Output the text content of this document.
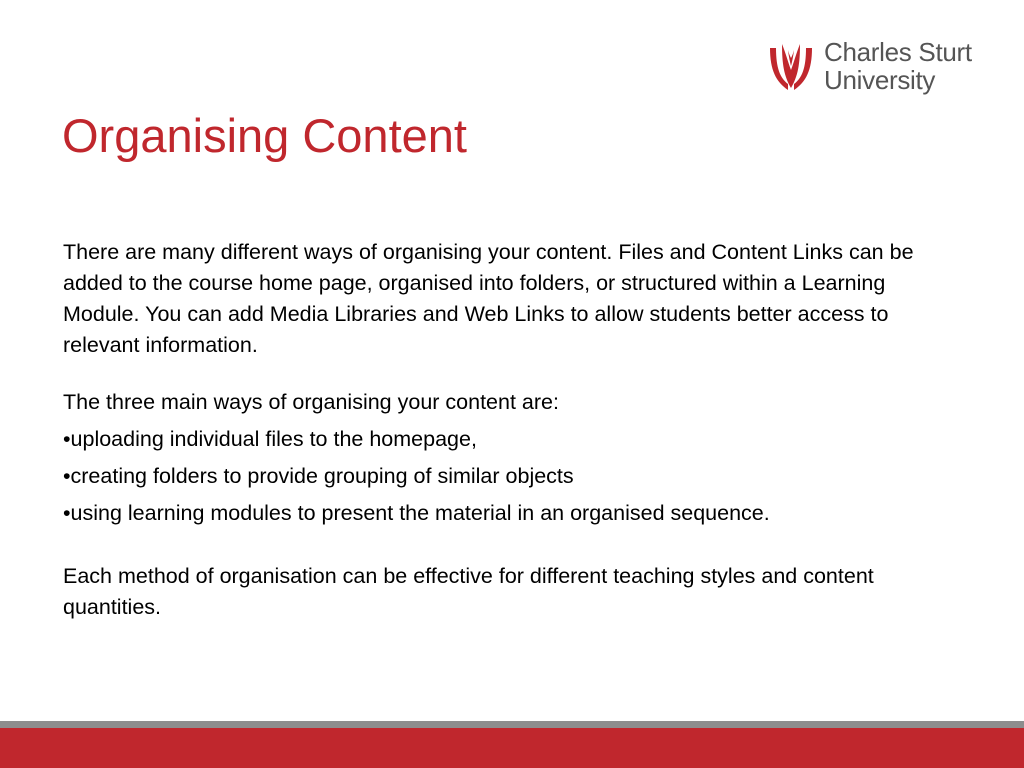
Charles Sturt
University
Organising Content

There are many different ways of organising your content. Files and Content Links can be added to the course home page, organised into folders, or structured within a Learning Module. You can add Media Libraries and Web Links to allow students better access to relevant information.

The three main ways of organising your content are:

•uploading individual files to the homepage,
•creating folders to provide grouping of similar objects
•using learning modules to present the material in an organised sequence.

Each method of organisation can be effective for different teaching styles and content quantities.
